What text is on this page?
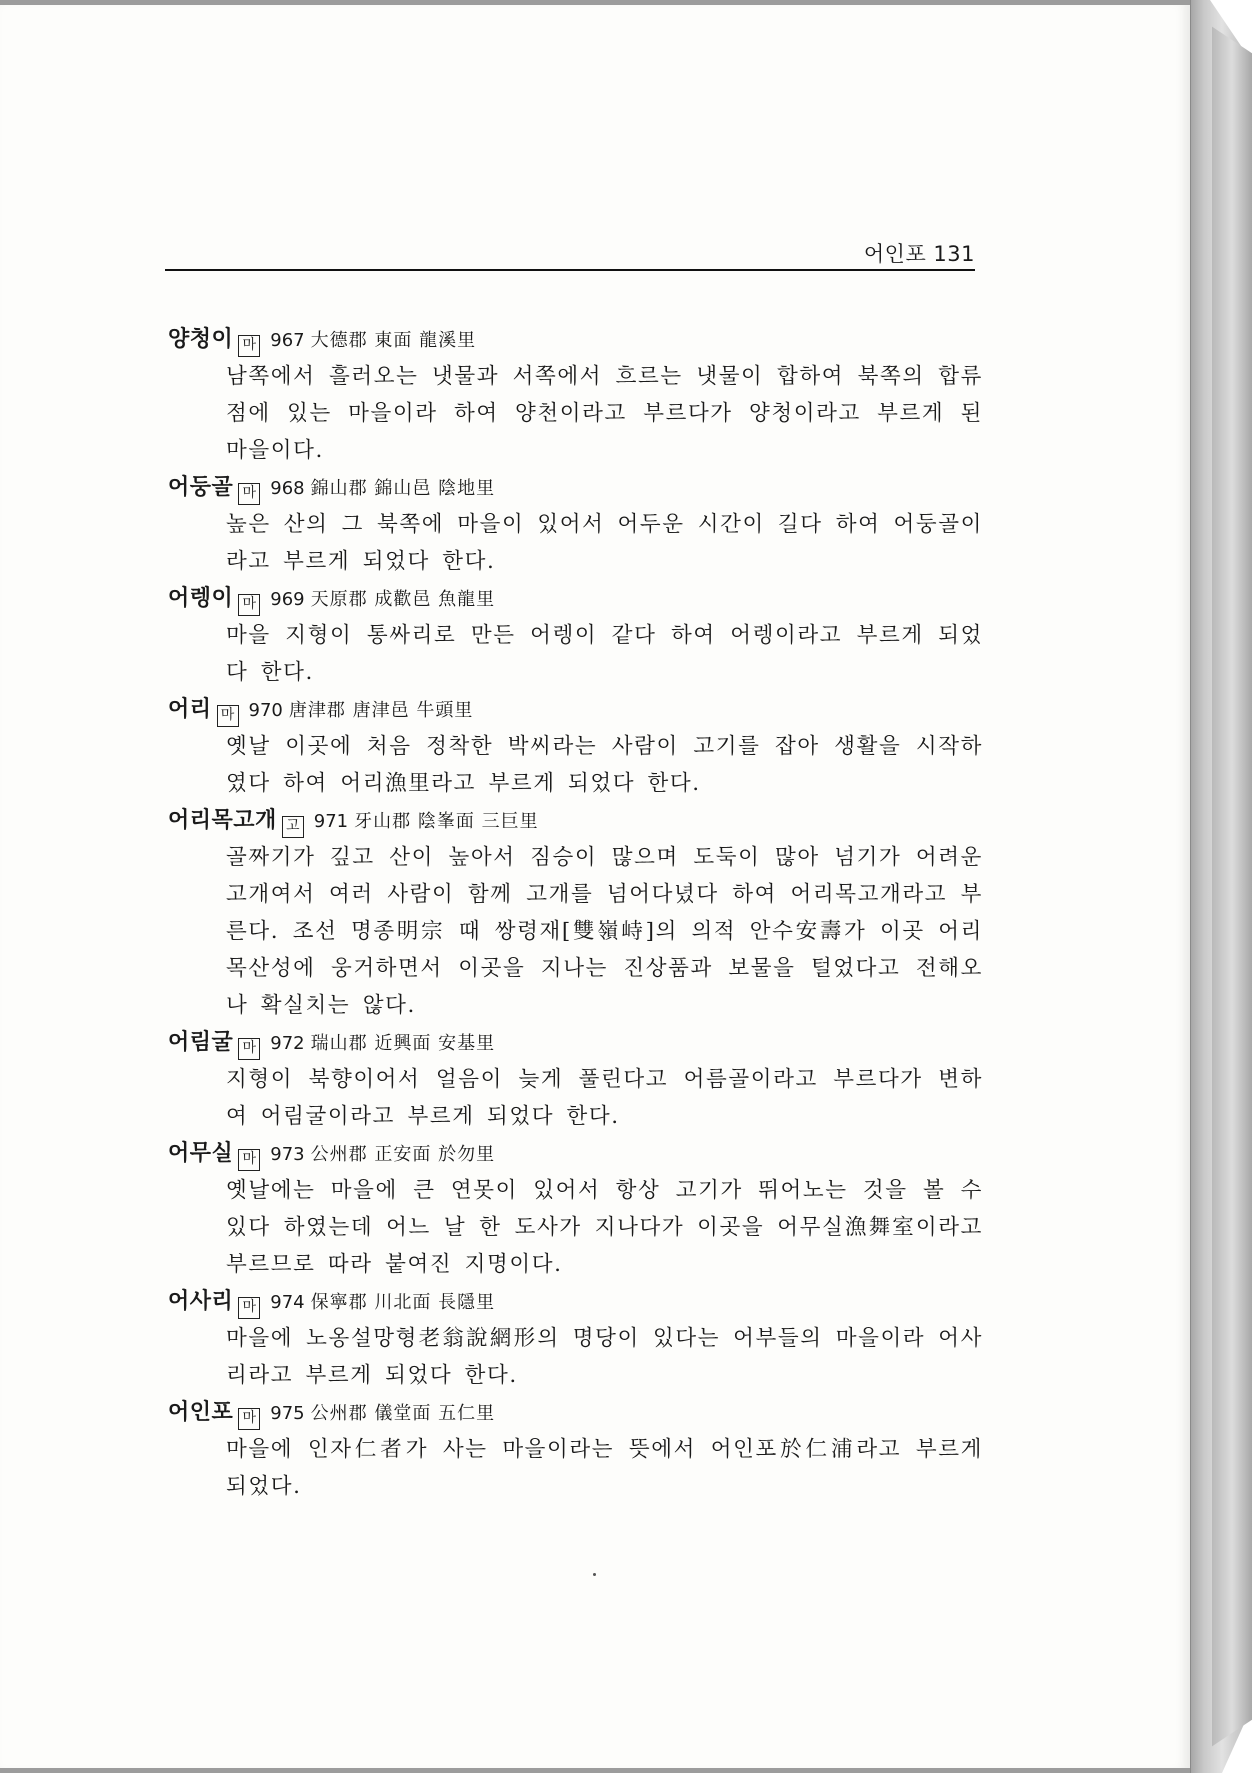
어인포 131
양청이 마 967 大德郡 東面 龍溪里
남쪽에서 흘러오는 냇물과 서쪽에서 흐르는 냇물이 합하여 북쪽의 합류점에 있는 마을이라 하여 양천이라고 부르다가 양청이라고 부르게 된 마을이다.
어둥골 마 968 錦山郡 錦山邑 陰地里
높은 산의 그 북쪽에 마을이 있어서 어두운 시간이 길다 하여 어둥골이라고 부르게 되었다 한다.
어렝이 마 969 天原郡 成歡邑 魚龍里
마을 지형이 통싸리로 만든 어렝이 같다 하여 어렝이라고 부르게 되었다 한다.
어리 마 970 唐津郡 唐津邑 牛頭里
옛날 이곳에 처음 정착한 박씨라는 사람이 고기를 잡아 생활을 시작하였다 하여 어리漁里라고 부르게 되었다 한다.
어리목고개 고 971 牙山郡 陰峯面 三巨里
골짜기가 깊고 산이 높아서 짐승이 많으며 도둑이 많아 넘기가 어려운 고개여서 여러 사람이 함께 고개를 넘어다녔다 하여 어리목고개라고 부른다. 조선 명종明宗 때 쌍령재[雙嶺峙]의 의적 안수安壽가 이곳 어리목산성에 웅거하면서 이곳을 지나는 진상품과 보물을 털었다고 전해오나 확실치는 않다.
어림굴 마 972 瑞山郡 近興面 安基里
지형이 북향이어서 얼음이 늦게 풀린다고 어름골이라고 부르다가 변하여 어림굴이라고 부르게 되었다 한다.
어무실 마 973 公州郡 正安面 於勿里
옛날에는 마을에 큰 연못이 있어서 항상 고기가 뛰어노는 것을 볼 수 있다 하였는데 어느 날 한 도사가 지나다가 이곳을 어무실漁舞室이라고 부르므로 따라 붙여진 지명이다.
어사리 마 974 保寧郡 川北面 長隱里
마을에 노옹설망형老翁說網形의 명당이 있다는 어부들의 마을이라 어사리라고 부르게 되었다 한다.
어인포 마 975 公州郡 儀堂面 五仁里
마을에 인자仁者가 사는 마을이라는 뜻에서 어인포於仁浦라고 부르게 되었다.
